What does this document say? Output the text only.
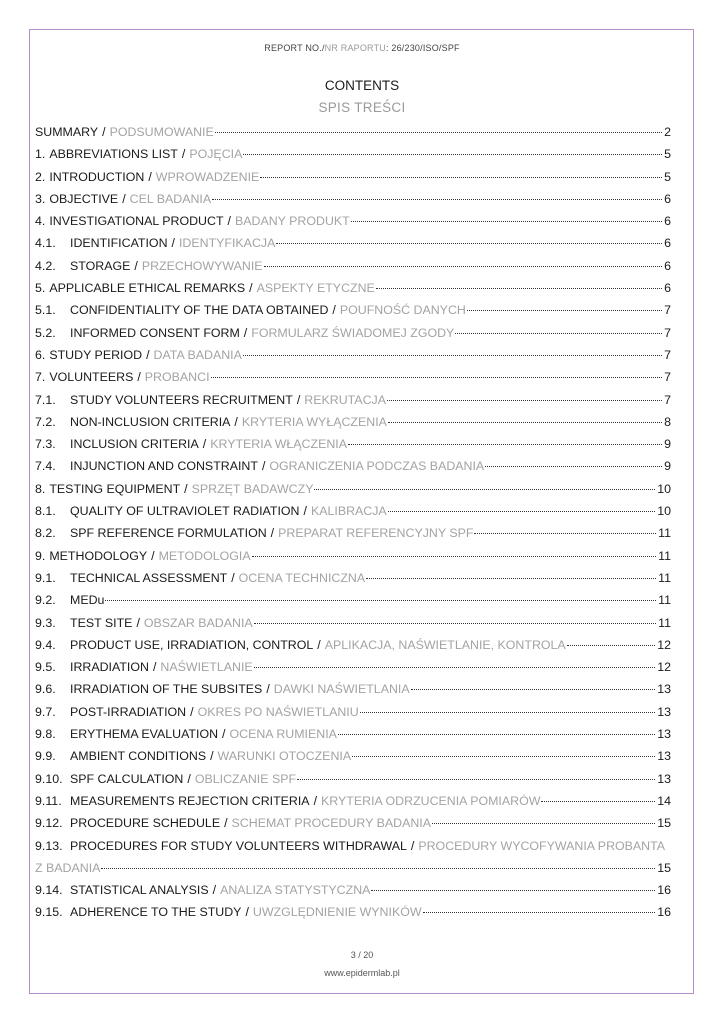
REPORT NO./NR RAPORTU: 26/230/ISO/SPF
CONTENTS
SPIS TREŚCI
SUMMARY / PODSUMOWANIE	2
1. ABBREVIATIONS LIST / POJĘCIA	5
2. INTRODUCTION / WPROWADZENIE	5
3. OBJECTIVE / CEL BADANIA	6
4. INVESTIGATIONAL PRODUCT / BADANY PRODUKT	6
4.1.	IDENTIFICATION / IDENTYFIKACJA	6
4.2.	STORAGE / PRZECHOWYWANIE	6
5. APPLICABLE ETHICAL REMARKS / ASPEKTY ETYCZNE	6
5.1.	CONFIDENTIALITY OF THE DATA OBTAINED / POUFNOŚĆ DANYCH	7
5.2.	INFORMED CONSENT FORM / FORMULARZ ŚWIADOMEJ ZGODY	7
6. STUDY PERIOD / DATA BADANIA	7
7. VOLUNTEERS / PROBANCI	7
7.1.	STUDY VOLUNTEERS RECRUITMENT / REKRUTACJA	7
7.2.	NON-INCLUSION CRITERIA / KRYTERIA WYŁĄCZENIA	8
7.3.	INCLUSION CRITERIA / KRYTERIA WŁĄCZENIA	9
7.4.	INJUNCTION AND CONSTRAINT / OGRANICZENIA PODCZAS BADANIA	9
8. TESTING EQUIPMENT / SPRZĘT BADAWCZY	10
8.1.	QUALITY OF ULTRAVIOLET RADIATION / KALIBRACJA	10
8.2.	SPF REFERENCE FORMULATION / PREPARAT REFERENCYJNY SPF	11
9. METHODOLOGY / METODOLOGIA	11
9.1.	TECHNICAL ASSESSMENT / OCENA TECHNICZNA	11
9.2.	MEDu	11
9.3.	TEST SITE / OBSZAR BADANIA	11
9.4.	PRODUCT USE, IRRADIATION, CONTROL / APLIKACJA, NAŚWIETLANIE, KONTROLA	12
9.5.	IRRADIATION / NAŚWIETLANIE	12
9.6.	IRRADIATION OF THE SUBSITES / DAWKI NAŚWIETLANIA	13
9.7.	POST-IRRADIATION / OKRES PO NAŚWIETLANIU	13
9.8.	ERYTHEMA EVALUATION / OCENA RUMIENIA	13
9.9.	AMBIENT CONDITIONS / WARUNKI OTOCZENIA	13
9.10. SPF CALCULATION / OBLICZANIE SPF	13
9.11. MEASUREMENTS REJECTION CRITERIA / KRYTERIA ODRZUCENIA POMIARÓW	14
9.12. PROCEDURE SCHEDULE / SCHEMAT PROCEDURY BADANIA	15
9.13. PROCEDURES FOR STUDY VOLUNTEERS WITHDRAWAL / PROCEDURY WYCOFYWANIA PROBANTA
Z BADANIA	15
9.14. STATISTICAL ANALYSIS / ANALIZA STATYSTYCZNA	16
9.15. ADHERENCE TO THE STUDY / UWZGLĘDNIENIE WYNIKÓW	16
3 / 20
www.epidermlab.pl
